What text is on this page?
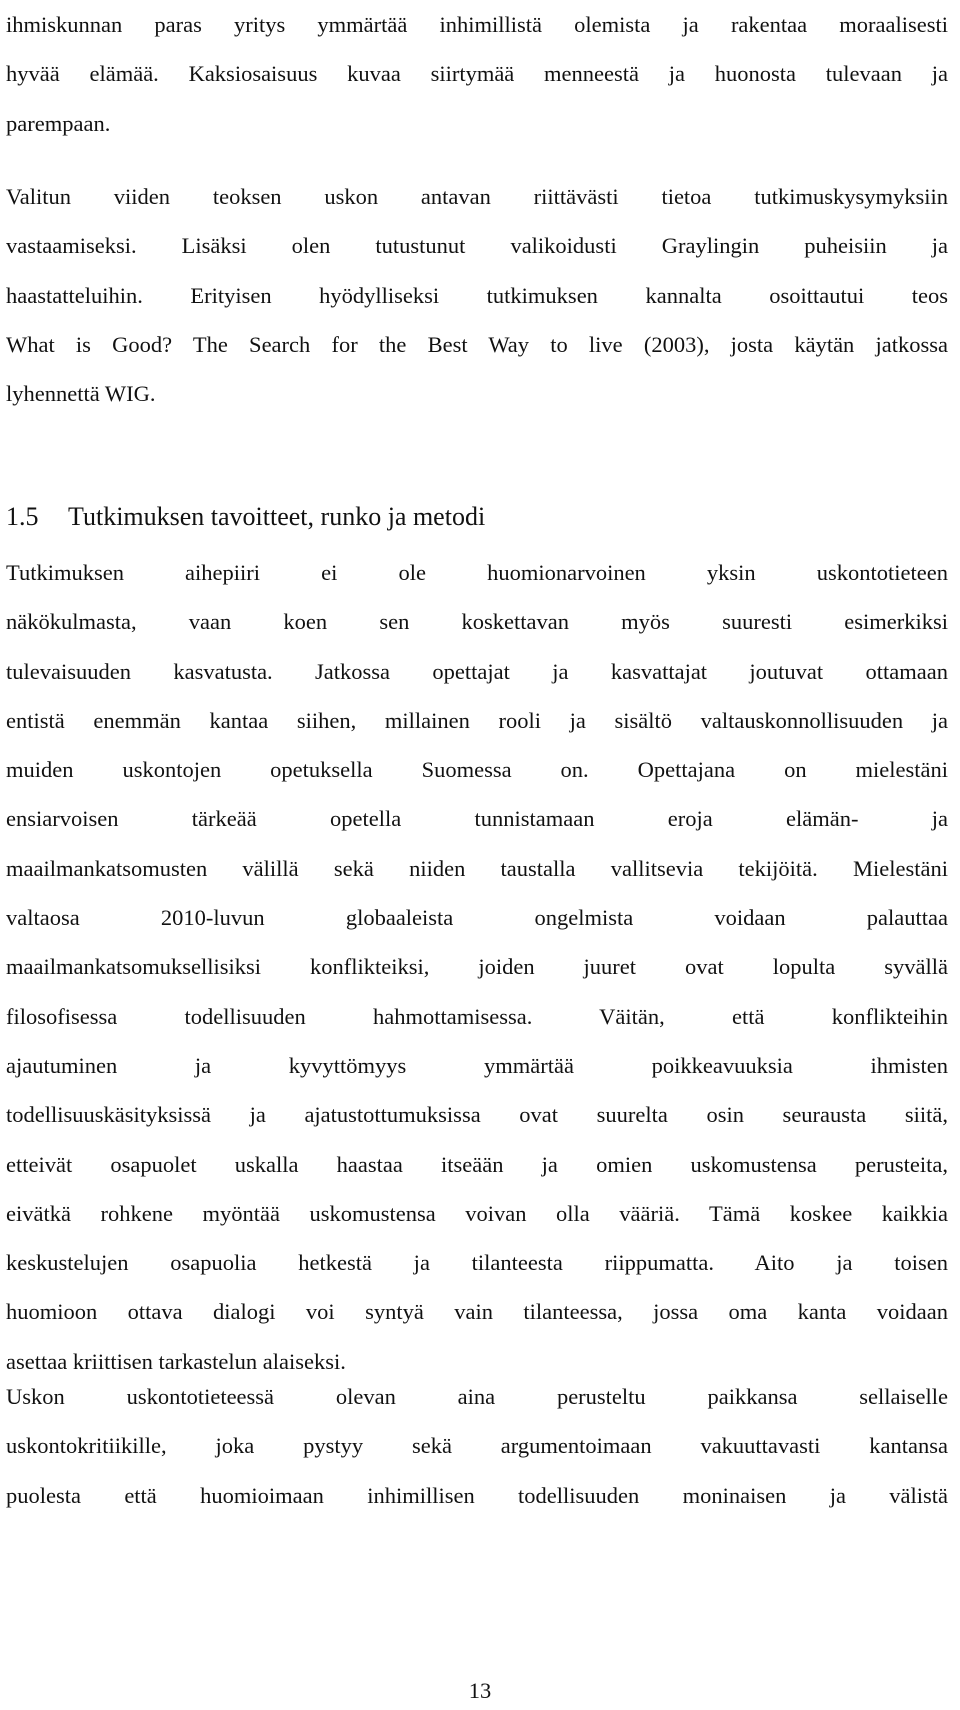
ihmiskunnan paras yritys ymmärtää inhimillistä olemista ja rakentaa moraalisesti
hyvää elämää. Kaksiosaisuus kuvaa siirtymää menneestä ja huonosta tulevaan ja
parempaan.
Valitun viiden teoksen uskon antavan riittävästi tietoa tutkimuskysymyksiin
vastaamiseksi. Lisäksi olen tutustunut valikoidusti Graylingin puheisiin ja
haastatteluihin. Erityisen hyödylliseksi tutkimuksen kannalta osoittautui teos
What is Good? The Search for the Best Way to live (2003), josta käytän jatkossa
lyhennettä WIG.
1.5 Tutkimuksen tavoitteet, runko ja metodi
Tutkimuksen aihepiiri ei ole huomionarvoinen yksin uskontotieteen
näkökulmasta, vaan koen sen koskettavan myös suuresti esimerkiksi
tulevaisuuden kasvatusta. Jatkossa opettajat ja kasvattajat joutuvat ottamaan
entistä enemmän kantaa siihen, millainen rooli ja sisältö valtauskonnollisuuden ja
muiden uskontojen opetuksella Suomessa on. Opettajana on mielestäni
ensiarvoisen tärkeää opetella tunnistamaan eroja elämän- ja
maailmankatsomusten välillä sekä niiden taustalla vallitsevia tekijöitä. Mielestäni
valtaosa 2010-luvun globaaleista ongelmista voidaan palauttaa
maailmankatsomuksellisiksi konflikteiksi, joiden juuret ovat lopulta syvällä
filosofisessa todellisuuden hahmottamisessa. Väitän, että konflikteihin
ajautuminen ja kyvyttömyys ymmärtää poikkeavuuksia ihmisten
todellisuuskäsityksissä ja ajatustottumuksissa ovat suurelta osin seurausta siitä,
etteivät osapuolet uskalla haastaa itseään ja omien uskomustensa perusteita,
eivätkä rohkene myöntää uskomustensa voivan olla vääriä. Tämä koskee kaikkia
keskustelujen osapuolia hetkestä ja tilanteesta riippumatta. Aito ja toisen
huomioon ottava dialogi voi syntyä vain tilanteessa, jossa oma kanta voidaan
asettaa kriittisen tarkastelun alaiseksi.
Uskon uskontotieteessä olevan aina perusteltu paikkansa sellaiselle
uskontokritiikille, joka pystyy sekä argumentoimaan vakuuttavasti kantansa
puolesta että huomioimaan inhimillisen todellisuuden moninaisen ja välistä
13
